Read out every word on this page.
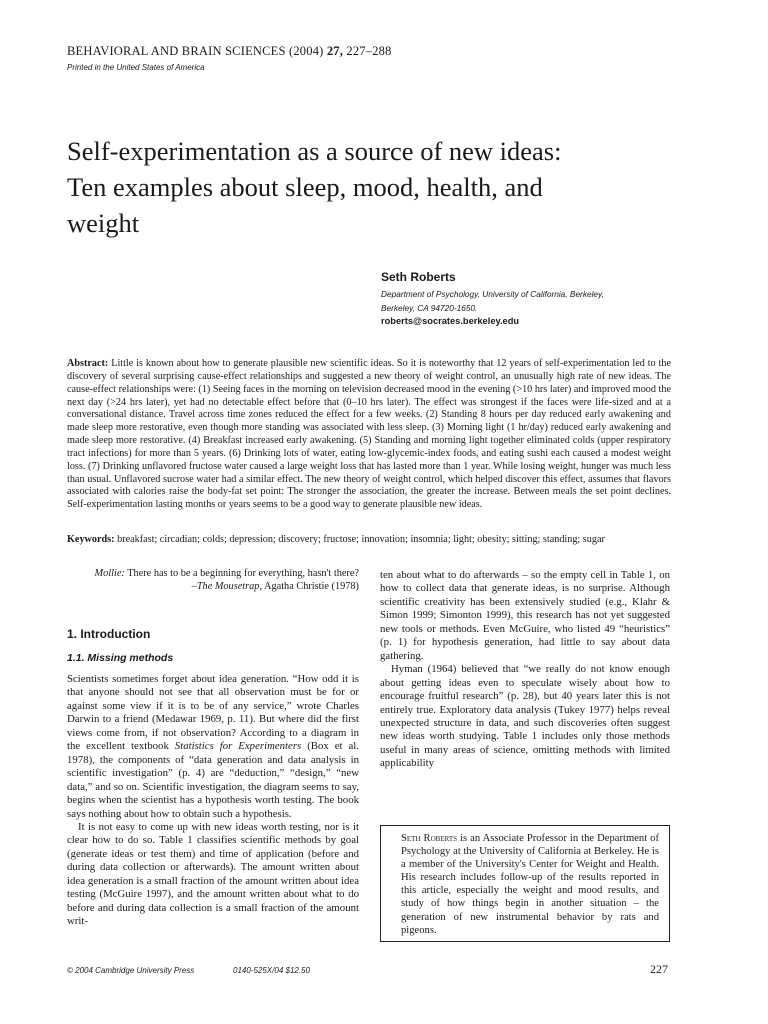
BEHAVIORAL AND BRAIN SCIENCES (2004) 27, 227–288
Printed in the United States of America
Self-experimentation as a source of new ideas: Ten examples about sleep, mood, health, and weight
Seth Roberts
Department of Psychology, University of California, Berkeley,
Berkeley, CA 94720-1650.
roberts@socrates.berkeley.edu

Abstract: Little is known about how to generate plausible new scientific ideas. So it is noteworthy that 12 years of self-experimentation led to the discovery of several surprising cause-effect relationships and suggested a new theory of weight control, an unusually high rate of new ideas. The cause-effect relationships were: (1) Seeing faces in the morning on television decreased mood in the evening (>10 hrs later) and improved mood the next day (>24 hrs later), yet had no detectable effect before that (0–10 hrs later). The effect was strongest if the faces were life-sized and at a conversational distance. Travel across time zones reduced the effect for a few weeks. (2) Standing 8 hours per day reduced early awakening and made sleep more restorative, even though more standing was associated with less sleep. (3) Morning light (1 hr/day) reduced early awakening and made sleep more restorative. (4) Breakfast increased early awakening. (5) Standing and morning light together eliminated colds (upper respiratory tract infections) for more than 5 years. (6) Drinking lots of water, eating low-glycemic-index foods, and eating sushi each caused a modest weight loss. (7) Drinking unflavored fructose water caused a large weight loss that has lasted more than 1 year. While losing weight, hunger was much less than usual. Unflavored sucrose water had a similar effect. The new theory of weight control, which helped discover this effect, assumes that flavors associated with calories raise the body-fat set point: The stronger the association, the greater the increase. Between meals the set point declines. Self-experimentation lasting months or years seems to be a good way to generate plausible new ideas.

Keywords: breakfast; circadian; colds; depression; discovery; fructose; innovation; insomnia; light; obesity; sitting; standing; sugar
Mollie: There has to be a beginning for everything, hasn't there?
–The Mousetrap, Agatha Christie (1978)
1. Introduction
1.1. Missing methods

Scientists sometimes forget about idea generation. “How odd it is that anyone should not see that all observation must be for or against some view if it is to be of any service,” wrote Charles Darwin to a friend (Medawar 1969, p. 11). But where did the first views come from, if not observation? According to a diagram in the excellent textbook Statistics for Experimenters (Box et al. 1978), the components of “data generation and data analysis in scientific investigation” (p. 4) are “deduction,” “design,” “new data,” and so on. Scientific investigation, the diagram seems to say, begins when the scientist has a hypothesis worth testing. The book says nothing about how to obtain such a hypothesis.

It is not easy to come up with new ideas worth testing, nor is it clear how to do so. Table 1 classifies scientific methods by goal (generate ideas or test them) and time of application (before and during data collection or afterwards). The amount written about idea generation is a small fraction of the amount written about idea testing (McGuire 1997), and the amount written about what to do before and during data collection is a small fraction of the amount writ-

ten about what to do afterwards – so the empty cell in Table 1, on how to collect data that generate ideas, is no surprise. Although scientific creativity has been extensively studied (e.g., Klahr & Simon 1999; Simonton 1999), this research has not yet suggested new tools or methods. Even McGuire, who listed 49 “heuristics” (p. 1) for hypothesis generation, had little to say about data gathering.

Hyman (1964) believed that “we really do not know enough about getting ideas even to speculate wisely about how to encourage fruitful research” (p. 28), but 40 years later this is not entirely true. Exploratory data analysis (Tukey 1977) helps reveal unexpected structure in data, and such discoveries often suggest new ideas worth studying. Table 1 includes only those methods useful in many areas of science, omitting methods with limited applicability

Seth Roberts is an Associate Professor in the Department of Psychology at the University of California at Berkeley. He is a member of the University's Center for Weight and Health. His research includes follow-up of the results reported in this article, especially the weight and mood results, and study of how things begin in another situation – the generation of new instrumental behavior by rats and pigeons.

© 2004 Cambridge University Press	0140-525X/04 $12.50	227
